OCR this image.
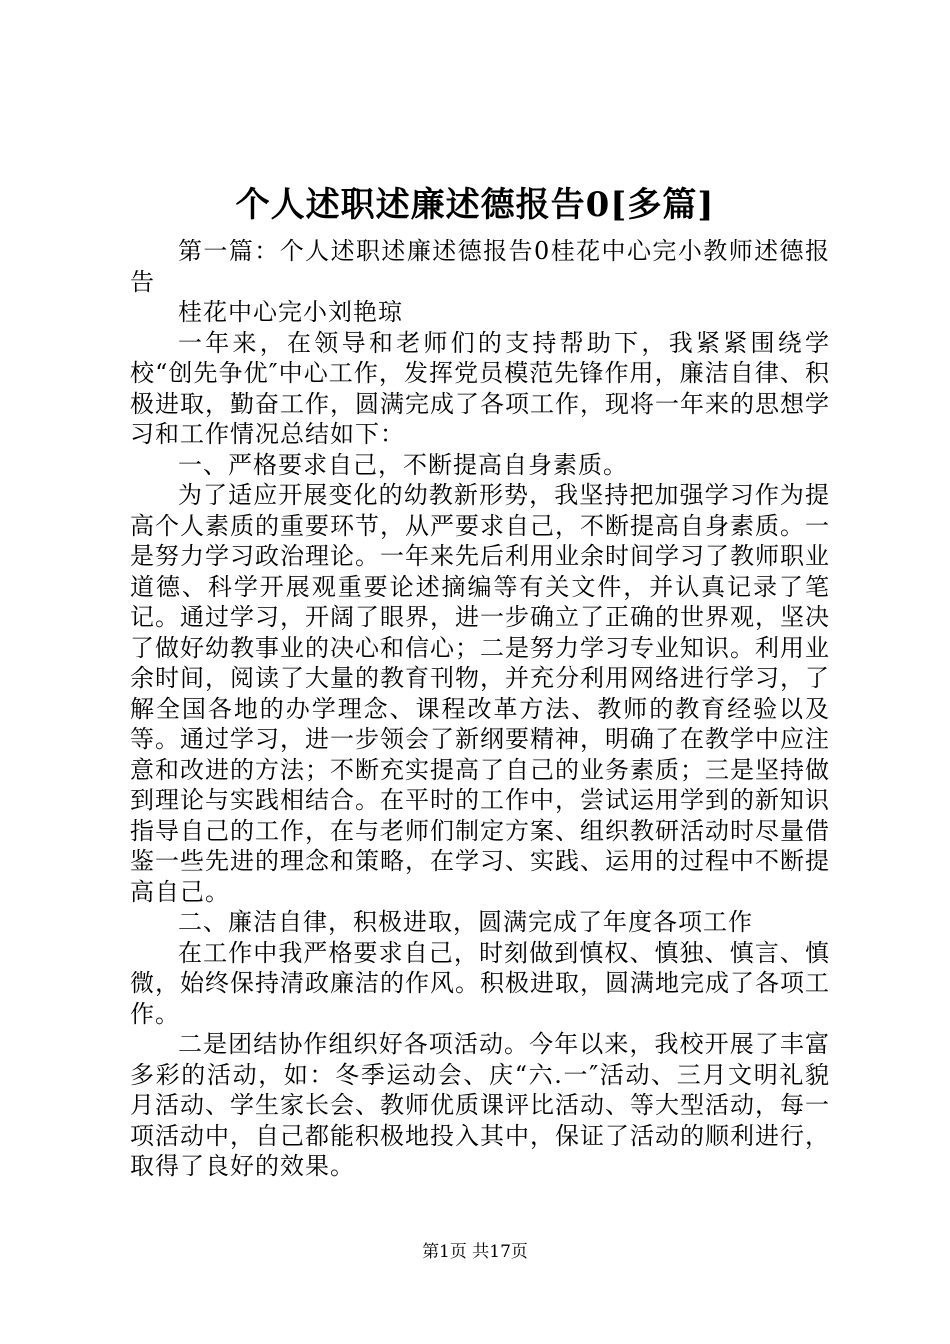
个人述职述廉述德报告0[多篇]

第一篇：个人述职述廉述德报告0桂花中心完小教师述德报告

桂花中心完小刘艳琼

一年来，在领导和老师们的支持帮助下，我紧紧围绕学校“创先争优″中心工作，发挥党员模范先锋作用，廉洁自律、积极进取，勤奋工作，圆满完成了各项工作，现将一年来的思想学习和工作情况总结如下：

一、严格要求自己，不断提高自身素质。

为了适应开展变化的幼教新形势，我坚持把加强学习作为提高个人素质的重要环节，从严要求自己，不断提高自身素质。一是努力学习政治理论。一年来先后利用业余时间学习了教师职业道德、科学开展观重要论述摘编等有关文件，并认真记录了笔记。通过学习，开阔了眼界，进一步确立了正确的世界观，坚决了做好幼教事业的决心和信心；二是努力学习专业知识。利用业余时间，阅读了大量的教育刊物，并充分利用网络进行学习，了解全国各地的办学理念、课程改革方法、教师的教育经验以及等。通过学习，进一步领会了新纲要精神，明确了在教学中应注意和改进的方法；不断充实提高了自己的业务素质；三是坚持做到理论与实践相结合。在平时的工作中，尝试运用学到的新知识指导自己的工作，在与老师们制定方案、组织教研活动时尽量借鉴一些先进的理念和策略，在学习、实践、运用的过程中不断提高自己。

二、廉洁自律，积极进取，圆满完成了年度各项工作

在工作中我严格要求自己，时刻做到慎权、慎独、慎言、慎微，始终保持清政廉洁的作风。积极进取，圆满地完成了各项工作。

二是团结协作组织好各项活动。今年以来，我校开展了丰富多彩的活动，如：冬季运动会、庆“六.一″活动、三月文明礼貌月活动、学生家长会、教师优质课评比活动、等大型活动，每一项活动中，自己都能积极地投入其中，保证了活动的顺利进行，取得了良好的效果。

第1页 共17页
